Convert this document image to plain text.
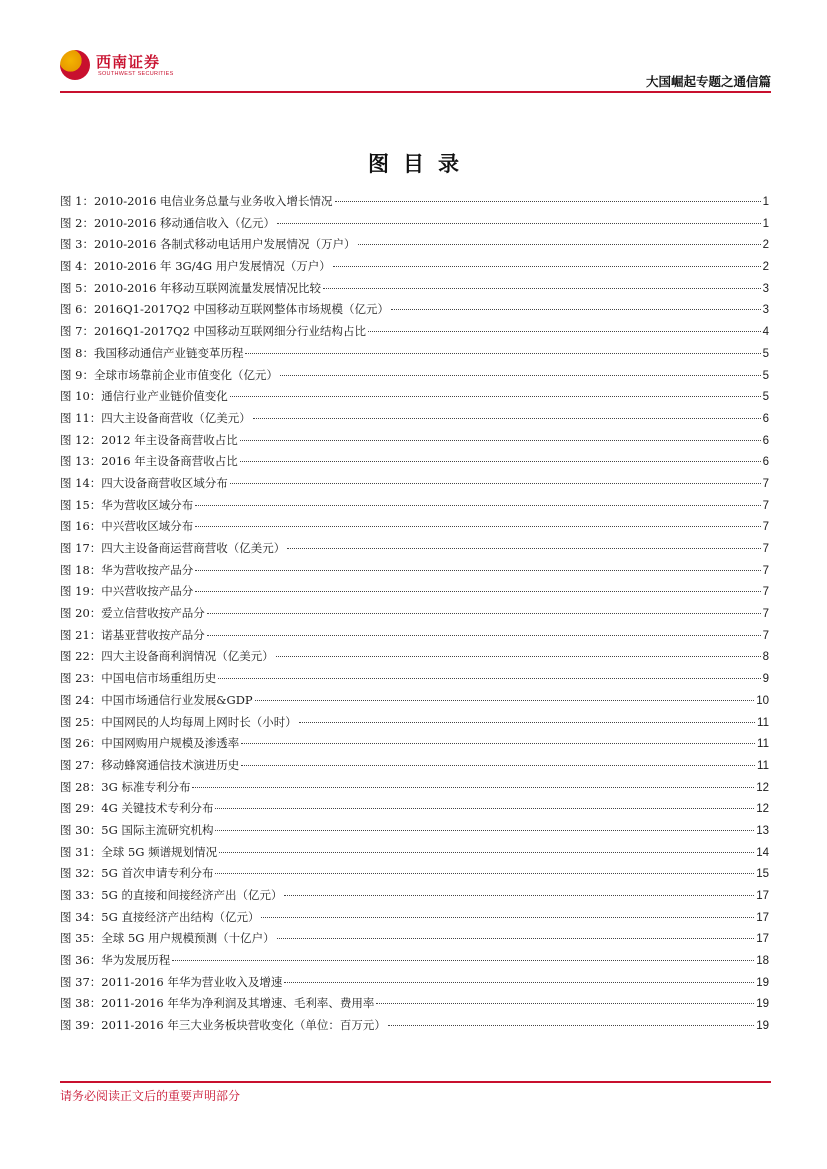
西南证券
SOUTHWEST SECURITIES	大国崛起专题之通信篇
图目录
图 1：2010-2016 电信业务总量与业务收入增长情况	1
图 2：2010-2016 移动通信收入（亿元）	1
图 3：2010-2016 各制式移动电话用户发展情况（万户）	2
图 4：2010-2016 年 3G/4G 用户发展情况（万户）	2
图 5：2010-2016 年移动互联网流量发展情况比较	3
图 6：2016Q1-2017Q2 中国移动互联网整体市场规模（亿元）	3
图 7：2016Q1-2017Q2 中国移动互联网细分行业结构占比	4
图 8：我国移动通信产业链变革历程	5
图 9：全球市场靠前企业市值变化（亿元）	5
图 10：通信行业产业链价值变化	5
图 11：四大主设备商营收（亿美元）	6
图 12：2012 年主设备商营收占比	6
图 13：2016 年主设备商营收占比	6
图 14：四大设备商营收区域分布	7
图 15：华为营收区域分布	7
图 16：中兴营收区域分布	7
图 17：四大主设备商运营商营收（亿美元）	7
图 18：华为营收按产品分	7
图 19：中兴营收按产品分	7
图 20：爱立信营收按产品分	7
图 21：诺基亚营收按产品分	7
图 22：四大主设备商利润情况（亿美元）	8
图 23：中国电信市场重组历史	9
图 24：中国市场通信行业发展&GDP	10
图 25：中国网民的人均每周上网时长（小时）	11
图 26：中国网购用户规模及渗透率	11
图 27：移动蜂窝通信技术演进历史	11
图 28：3G 标准专利分布	12
图 29：4G 关键技术专利分布	12
图 30：5G 国际主流研究机构	13
图 31：全球 5G 频谱规划情况	14
图 32：5G 首次申请专利分布	15
图 33：5G 的直接和间接经济产出（亿元）	17
图 34：5G 直接经济产出结构（亿元）	17
图 35：全球 5G 用户规模预测（十亿户）	17
图 36：华为发展历程	18
图 37：2011-2016 年华为营业收入及增速	19
图 38：2011-2016 年华为净利润及其增速、毛利率、费用率	19
图 39：2011-2016 年三大业务板块营收变化（单位：百万元）	19
请务必阅读正文后的重要声明部分
